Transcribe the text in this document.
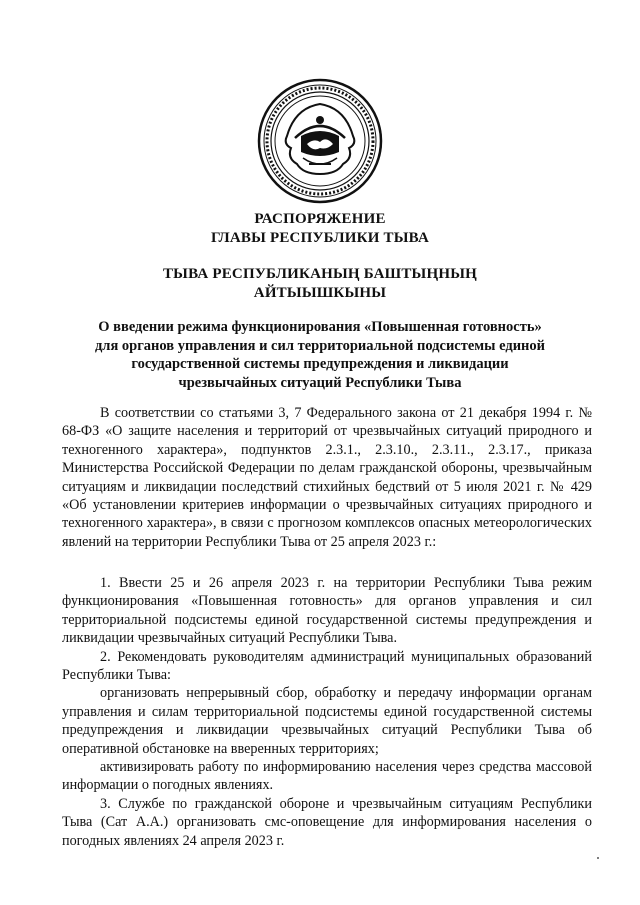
РАСПОРЯЖЕНИЕ
ГЛАВЫ РЕСПУБЛИКИ ТЫВА
ТЫВА РЕСПУБЛИКАНЫҢ БАШТЫҢНЫҢ
АЙТЫЫШКЫНЫ
О введении режима функционирования «Повышенная готовность»
для органов управления и сил территориальной подсистемы единой
государственной системы предупреждения и ликвидации
чрезвычайных ситуаций Республики Тыва

В соответствии со статьями 3, 7 Федерального закона от 21 декабря 1994 г. № 68-ФЗ «О защите населения и территорий от чрезвычайных ситуаций природного и техногенного характера», подпунктов 2.3.1., 2.3.10., 2.3.11., 2.3.17., приказа Министерства Российской Федерации по делам гражданской обороны, чрезвычайным ситуациям и ликвидации последствий стихийных бедствий от 5 июля 2021 г. № 429 «Об установлении критериев информации о чрезвычайных ситуациях природного и техногенного характера», в связи с прогнозом комплексов опасных метеорологических явлений на территории Республики Тыва от 25 апреля 2023 г.:

1. Ввести 25 и 26 апреля 2023 г. на территории Республики Тыва режим функционирования «Повышенная готовность» для органов управления и сил территориальной подсистемы единой государственной системы предупреждения и ликвидации чрезвычайных ситуаций Республики Тыва.

2. Рекомендовать руководителям администраций муниципальных образований Республики Тыва:

организовать непрерывный сбор, обработку и передачу информации органам управления и силам территориальной подсистемы единой государственной системы предупреждения и ликвидации чрезвычайных ситуаций Республики Тыва об оперативной обстановке на вверенных территориях;

активизировать работу по информированию населения через средства массовой информации о погодных явлениях.

3. Службе по гражданской обороне и чрезвычайным ситуациям Республики Тыва (Сат А.А.) организовать смс-оповещение для информирования населения о погодных явлениях 24 апреля 2023 г.
